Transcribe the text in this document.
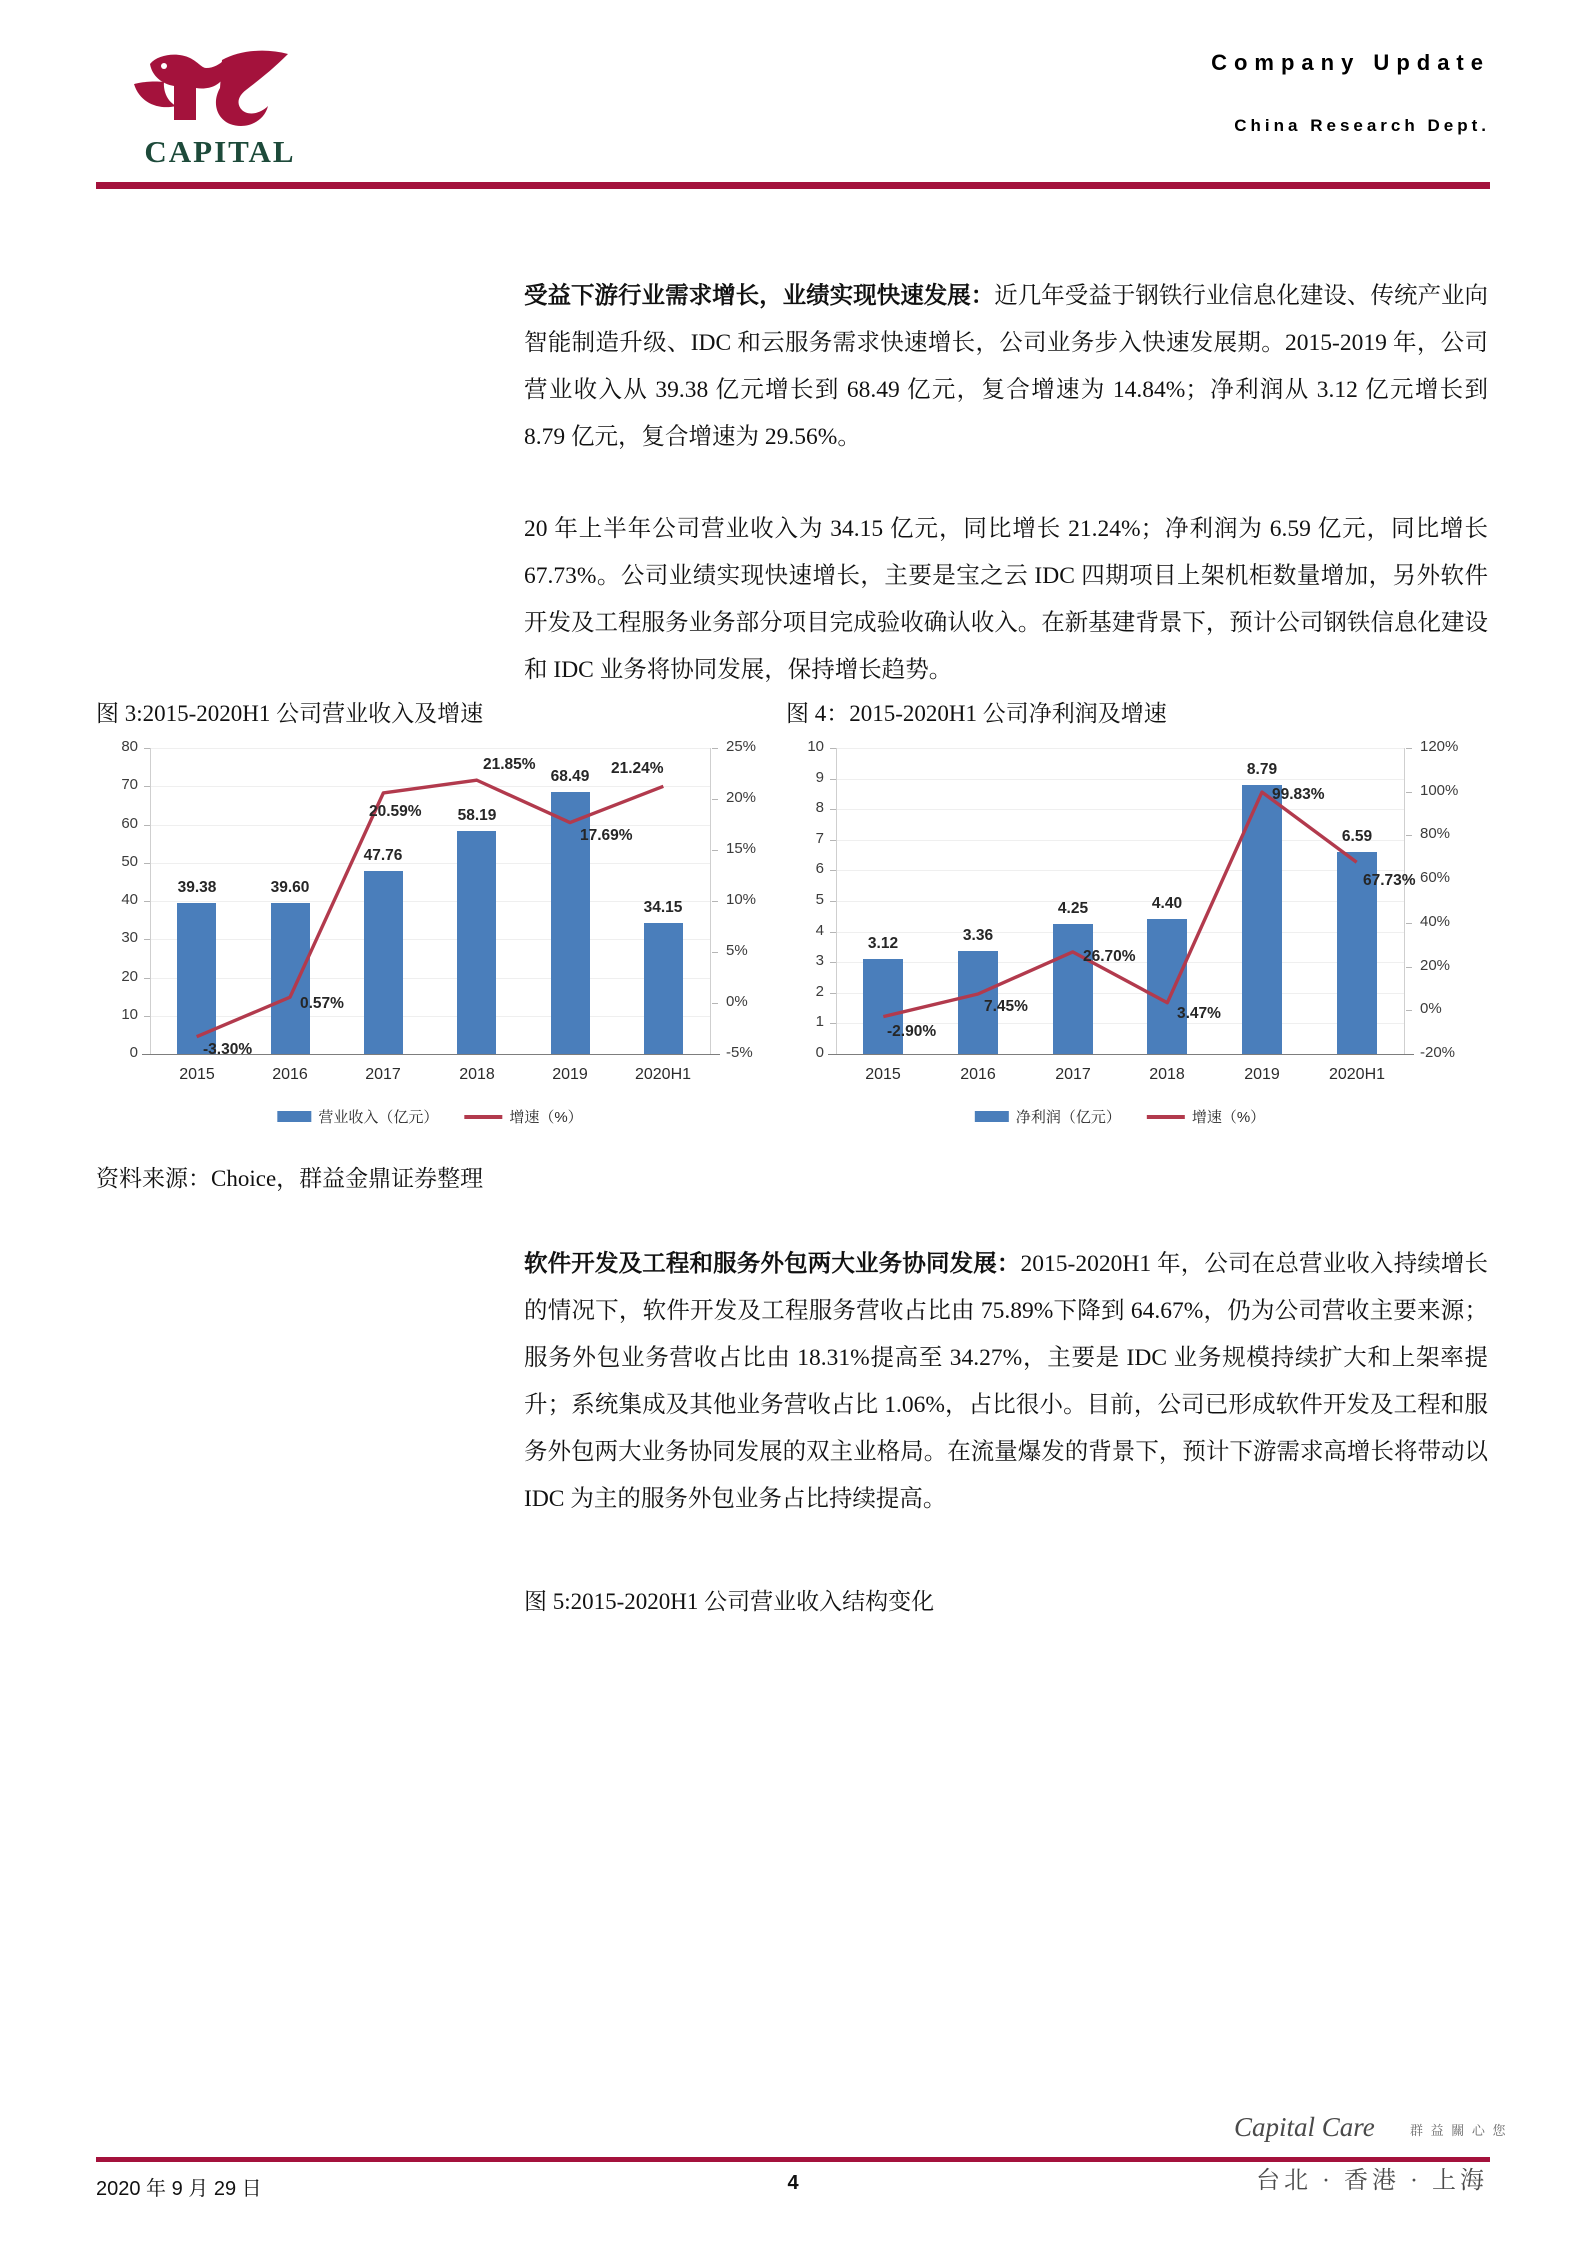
CAPITAL
Company Update
China Research Dept.

受益下游行业需求增长，业绩实现快速发展：近几年受益于钢铁行业信息化建设、传统产业向智能制造升级、IDC 和云服务需求快速增长，公司业务步入快速发展期。2015-2019 年，公司营业收入从 39.38 亿元增长到 68.49 亿元，复合增速为 14.84%；净利润从 3.12 亿元增长到 8.79 亿元，复合增速为 29.56%。

20 年上半年公司营业收入为 34.15 亿元，同比增长 21.24%；净利润为 6.59 亿元，同比增长 67.73%。公司业绩实现快速增长，主要是宝之云 IDC 四期项目上架机柜数量增加，另外软件开发及工程服务业务部分项目完成验收确认收入。在新基建背景下，预计公司钢铁信息化建设和 IDC 业务将协同发展，保持增长趋势。

图 3:2015-2020H1 公司营业收入及增速	图 4：2015-2020H1 公司净利润及增速
0
10
20
30
40
50
60
70
80
-5%
0%
5%
10%
15%
20%
25%
39.38	39.60
47.76
58.19
68.49
34.15
-3.30%
0.57%
20.59%
21.85%
17.69%
21.24%
2015	2016	2017	2018	2019	2020H1
营业收入（亿元）	增速（%）
0
1
2
3
4
5
6
7
8
9
10
-20%
0%
20%
40%
60%
80%
100%
120%
3.12	3.36
4.25	4.40
8.79
6.59
-2.90%
7.45%
26.70%
3.47%
99.83%
67.73%
2015	2016	2017	2018	2019	2020H1
净利润（亿元）	增速（%）
资料来源：Choice，群益金鼎证券整理

软件开发及工程和服务外包两大业务协同发展：2015-2020H1 年，公司在总营业收入持续增长的情况下，软件开发及工程服务营收占比由 75.89%下降到 64.67%，仍为公司营收主要来源；服务外包业务营收占比由 18.31%提高至 34.27%，主要是 IDC 业务规模持续扩大和上架率提升；系统集成及其他业务营收占比 1.06%，占比很小。目前，公司已形成软件开发及工程和服务外包两大业务协同发展的双主业格局。在流量爆发的背景下，预计下游需求高增长将带动以 IDC 为主的服务外包业务占比持续提高。

图 5:2015-2020H1 公司营业收入结构变化
2020 年 9 月 29 日	4
Capital Care	群 益 關 心 您
台北 · 香港 · 上海
